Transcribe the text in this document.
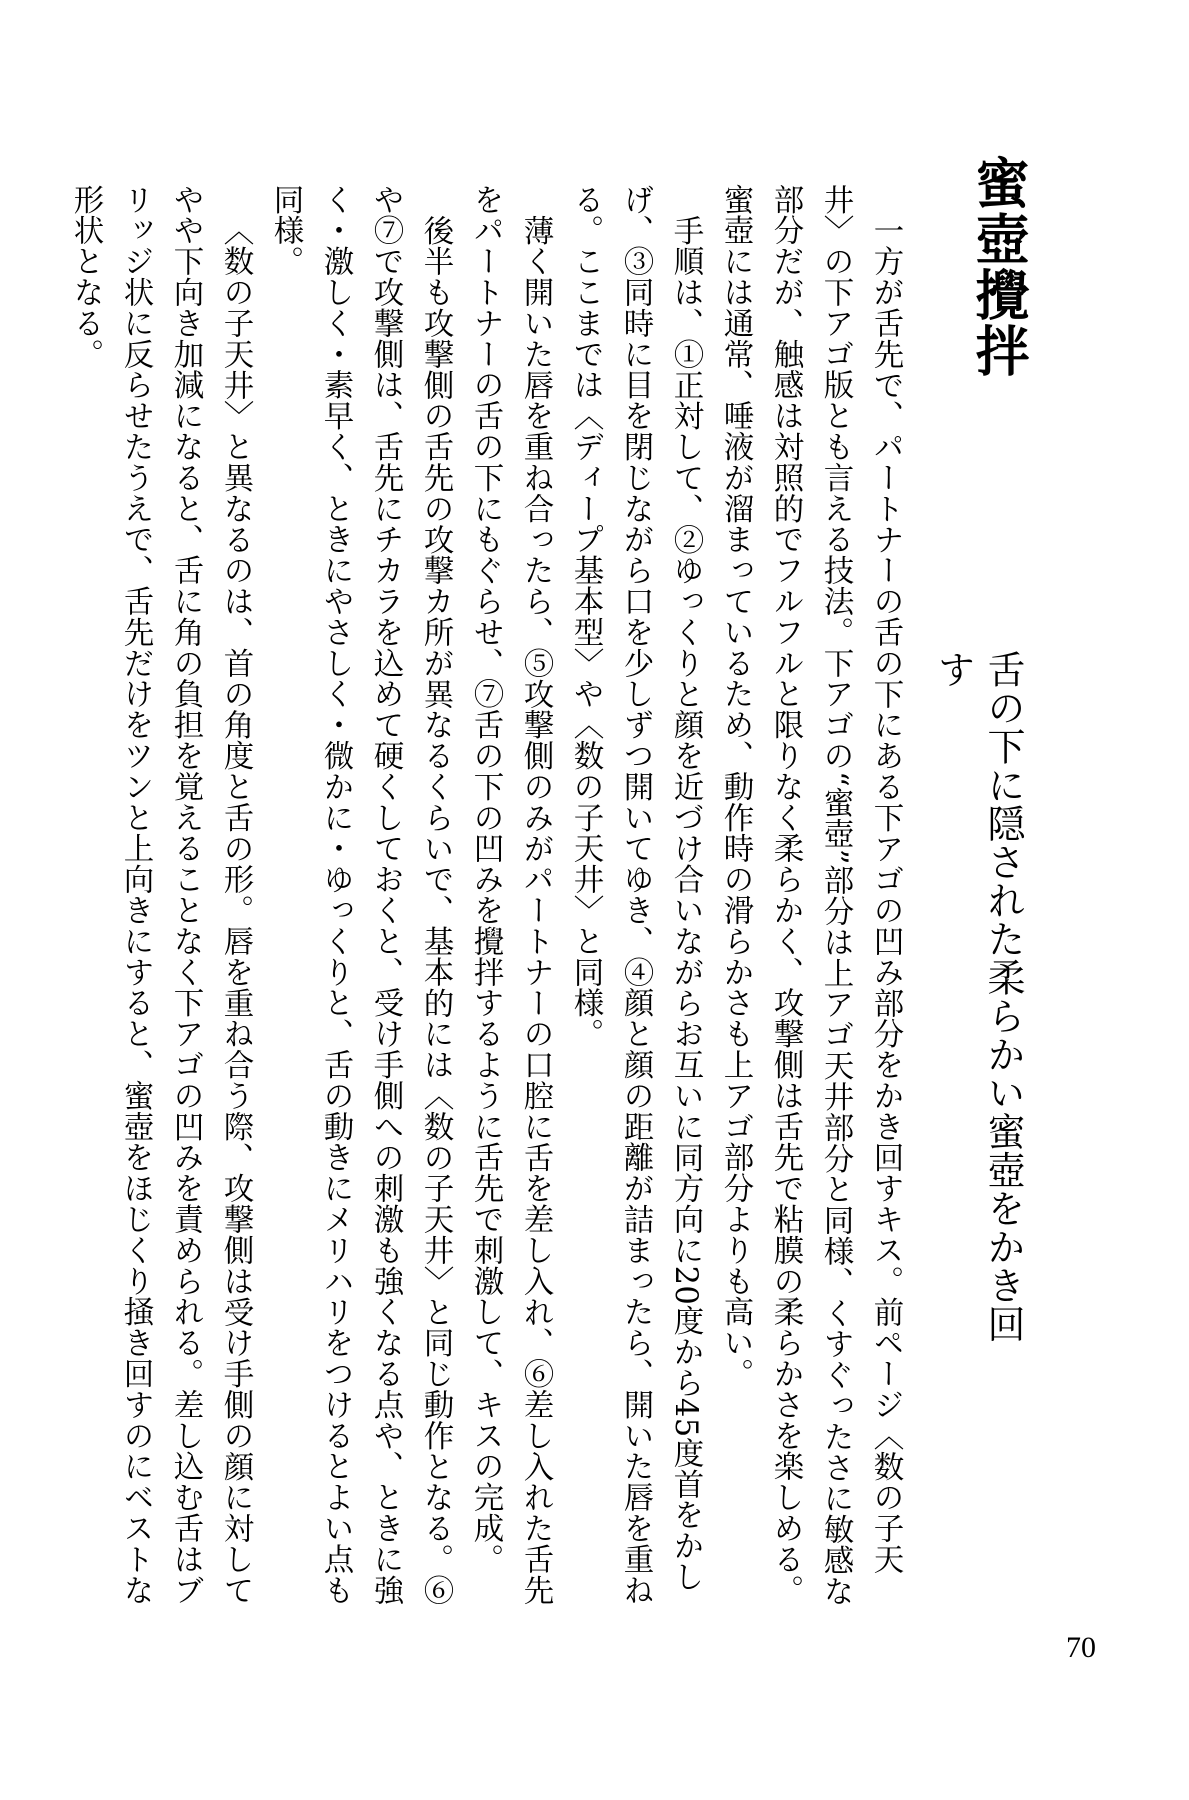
蜜壺攪拌
舌の下に隠された柔らかい蜜壺をかき回す

一方が舌先で、パートナーの舌の下にある下アゴの凹み部分をかき回すキス。前ページ〈数の子天井〉の下アゴ版とも言える技法。下アゴの“蜜壺”部分は上アゴ天井部分と同様、くすぐったさに敏感な部分だが、触感は対照的でフルフルと限りなく柔らかく、攻撃側は舌先で粘膜の柔らかさを楽しめる。蜜壺には通常、唾液が溜まっているため、動作時の滑らかさも上アゴ部分よりも高い。

手順は、①正対して、②ゆっくりと顔を近づけ合いながらお互いに同方向に20度から45度首をかしげ、③同時に目を閉じながら口を少しずつ開いてゆき、④顔と顔の距離が詰まったら、開いた唇を重ねる。ここまでは〈ディープ基本型〉や〈数の子天井〉と同様。

薄く開いた唇を重ね合ったら、⑤攻撃側のみがパートナーの口腔に舌を差し入れ、⑥差し入れた舌先をパートナーの舌の下にもぐらせ、⑦舌の下の凹みを攪拌するように舌先で刺激して、キスの完成。

後半も攻撃側の舌先の攻撃カ所が異なるくらいで、基本的には〈数の子天井〉と同じ動作となる。⑥や⑦で攻撃側は、舌先にチカラを込めて硬くしておくと、受け手側への刺激も強くなる点や、ときに強く・激しく・素早く、ときにやさしく・微かに・ゆっくりと、舌の動きにメリハリをつけるとよい点も同様。

〈数の子天井〉と異なるのは、首の角度と舌の形。唇を重ね合う際、攻撃側は受け手側の顔に対してやや下向き加減になると、舌に角の負担を覚えることなく下アゴの凹みを責められる。差し込む舌はブリッジ状に反らせたうえで、舌先だけをツンと上向きにすると、蜜壺をほじくり掻き回すのにベストな形状となる。

70
